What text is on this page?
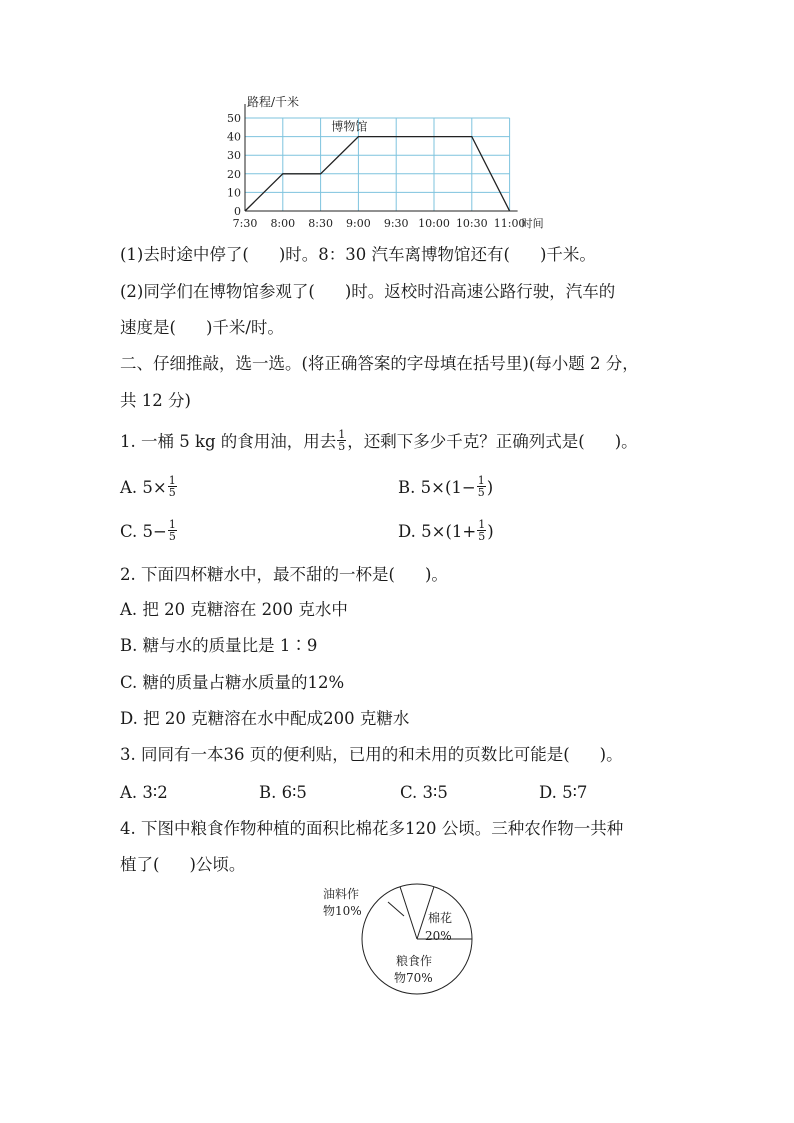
0
10
20
30
40
50
7:30 8:00 8:30 9:00 9:30 10:00 10:30 11:00
路程/千米
时间
博物馆
(1)去时途中停了( )时。8：30 汽车离博物馆还有( )千米。
(2)同学们在博物馆参观了( )时。返校时沿高速公路行驶，汽车的
速度是( )千米/时。
二、仔细推敲，选一选。(将正确答案的字母填在括号里)(每小题 2 分，
共 12 分)
1. 一桶 5 kg 的食用油，用去 $\frac{1}{5}$ ，还剩下多少千克？正确列式是( )。
A. $5\times \frac{1}{5}$	B. $5\times(1- \frac{1}{5}$ )
C. $5- \frac{1}{5}$	D. $5\times(1+ \frac{1}{5}$ )
2. 下面四杯糖水中，最不甜的一杯是( )。
A. 把 20 克糖溶在 200 克水中
B. 糖与水的质量比是 1∶9
C. 糖的质量占糖水质量的12%
D. 把 20 克糖溶在水中配成200 克糖水
3. 同同有一本36 页的便利贴，已用的和未用的页数比可能是( )。
A. 3∶2	B. 6∶5	C. 3∶5	D. 5∶7
4. 下图中粮食作物种植的面积比棉花多120 公顷。三种农作物一共种
植了( )公顷。
油料作
物10%	棉花
20%
粮食作
物70%
